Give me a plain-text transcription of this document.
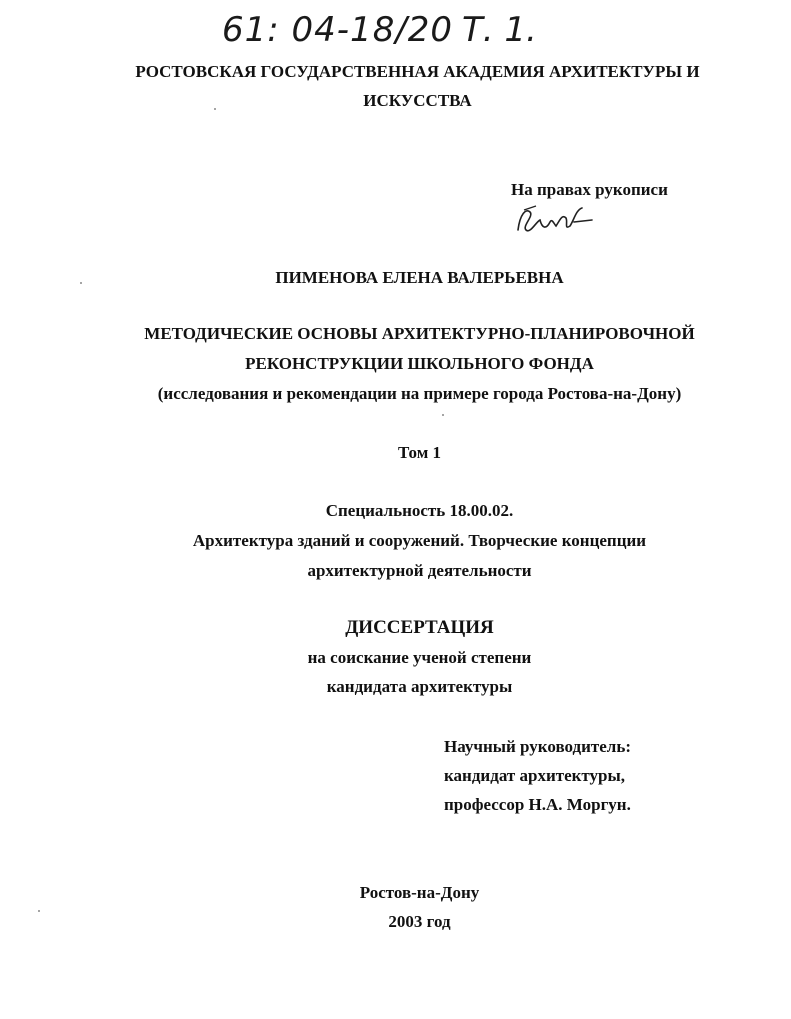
61: 04-18/20 Т. 1.
РОСТОВСКАЯ ГОСУДАРСТВЕННАЯ АКАДЕМИЯ АРХИТЕКТУРЫ И
ИСКУССТВА
На правах рукописи
ПИМЕНОВА ЕЛЕНА ВАЛЕРЬЕВНА
МЕТОДИЧЕСКИЕ ОСНОВЫ АРХИТЕКТУРНО-ПЛАНИРОВОЧНОЙ
РЕКОНСТРУКЦИИ ШКОЛЬНОГО ФОНДА
(исследования и рекомендации на примере города Ростова-на-Дону)
Том 1
Специальность 18.00.02.
Архитектура зданий и сооружений. Творческие концепции
архитектурной деятельности
ДИССЕРТАЦИЯ
на соискание ученой степени
кандидата архитектуры
Научный руководитель:
кандидат архитектуры,
профессор Н.А. Моргун.
Ростов-на-Дону
2003 год
